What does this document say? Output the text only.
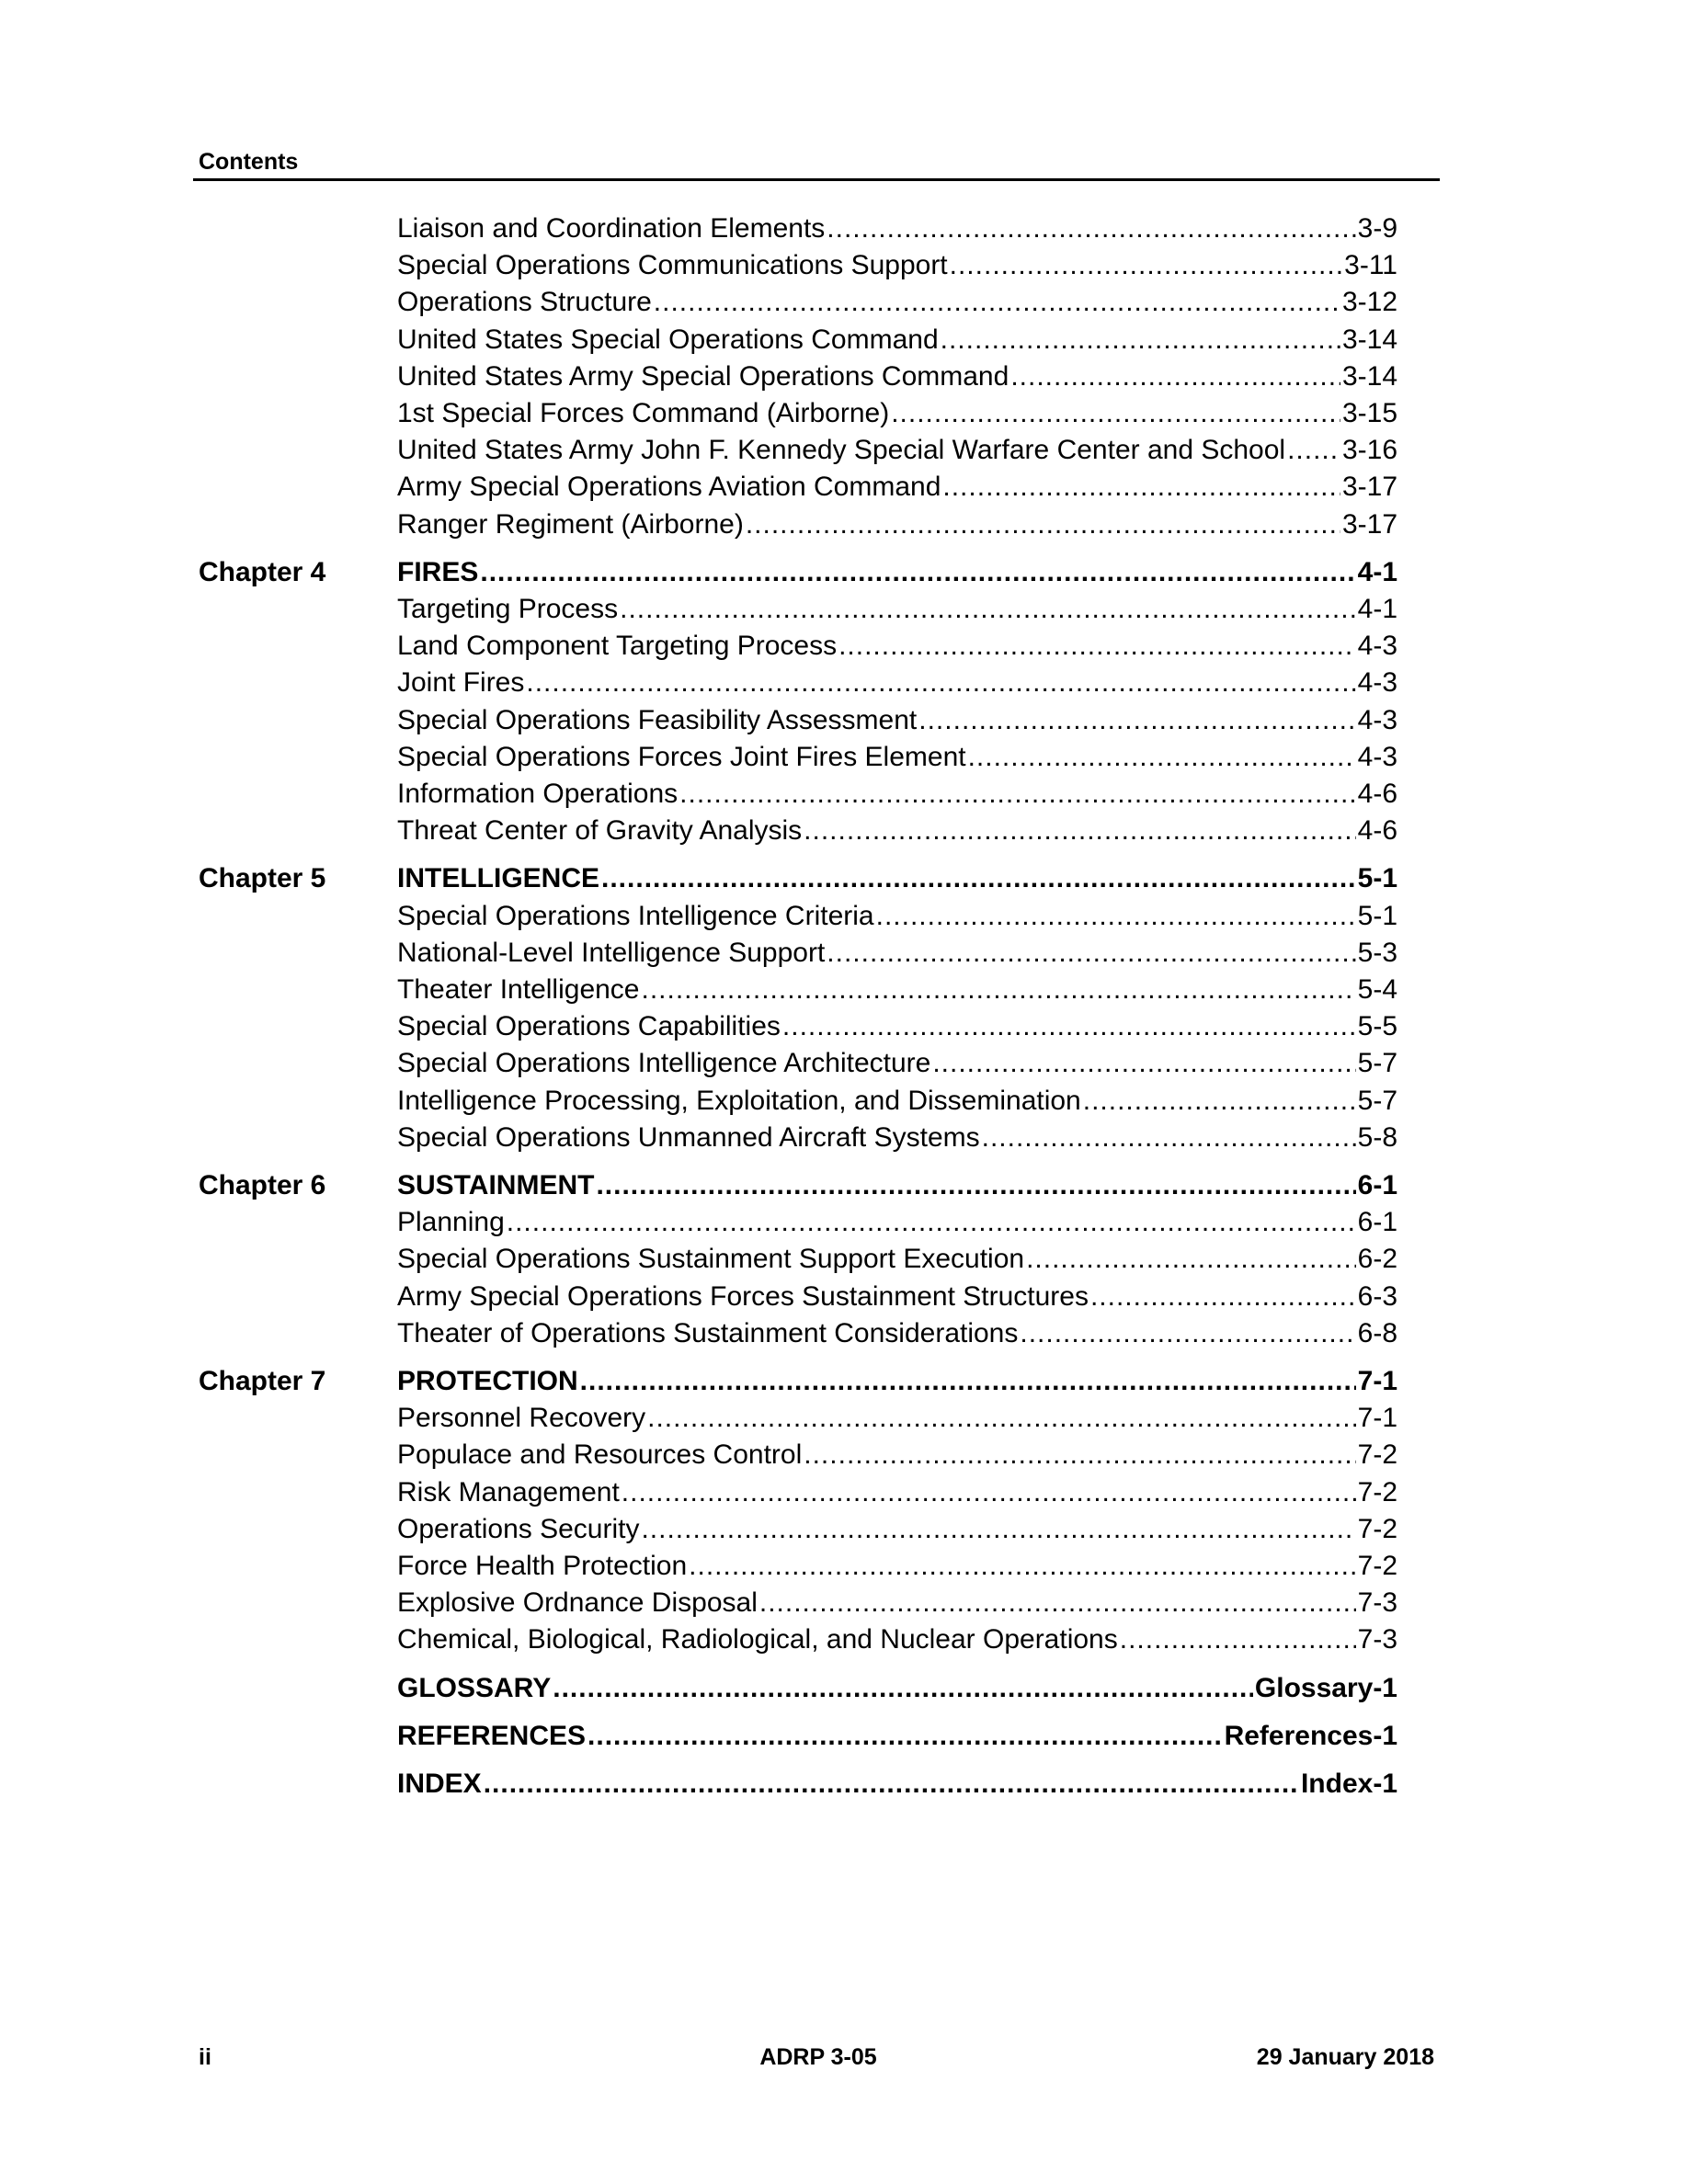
Contents
Liaison and Coordination Elements .....	3-9
Special Operations Communications Support .....	3-11
Operations Structure .....	3-12
United States Special Operations Command .....	3-14
United States Army Special Operations Command .....	3-14
1st Special Forces Command (Airborne) .....	3-15
United States Army John F. Kennedy Special Warfare Center and School ..... 3-16
Army Special Operations Aviation Command .....	3-17
Ranger Regiment (Airborne) .....	3-17
Chapter 4	FIRES .....	4-1
Targeting Process .....	4-1
Land Component Targeting Process .....	4-3
Joint Fires .....	4-3
Special Operations Feasibility Assessment .....	4-3
Special Operations Forces Joint Fires Element .....	4-3
Information Operations .....	4-6
Threat Center of Gravity Analysis .....	4-6
Chapter 5	INTELLIGENCE .....	5-1
Special Operations Intelligence Criteria .....	5-1
National-Level Intelligence Support .....	5-3
Theater Intelligence .....	5-4
Special Operations Capabilities .....	5-5
Special Operations Intelligence Architecture .....	5-7
Intelligence Processing, Exploitation, and Dissemination .....	5-7
Special Operations Unmanned Aircraft Systems .....	5-8
Chapter 6	SUSTAINMENT .....	6-1
Planning .....	6-1
Special Operations Sustainment Support Execution .....	6-2
Army Special Operations Forces Sustainment Structures .....	6-3
Theater of Operations Sustainment Considerations .....	6-8
Chapter 7	PROTECTION .....	7-1
Personnel Recovery .....	7-1
Populace and Resources Control .....	7-2
Risk Management .....	7-2
Operations Security .....	7-2
Force Health Protection .....	7-2
Explosive Ordnance Disposal .....	7-3
Chemical, Biological, Radiological, and Nuclear Operations .....	7-3
GLOSSARY .....	Glossary-1
REFERENCES .....	References-1
INDEX .....	Index-1
ii	ADRP 3-05	29 January 2018
